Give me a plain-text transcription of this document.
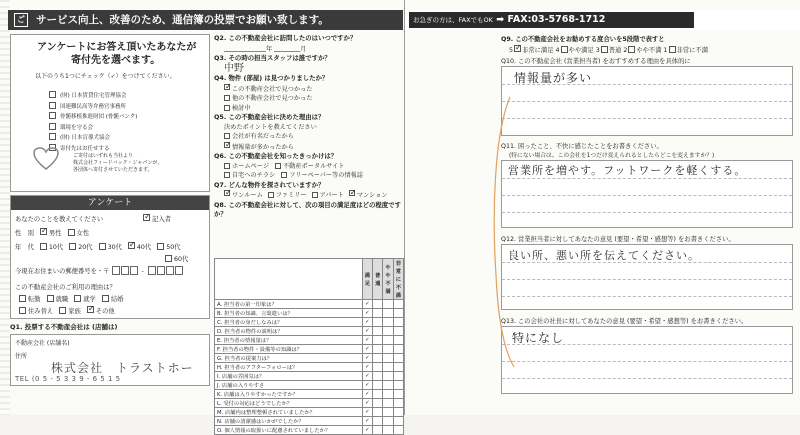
ご サービス向上、改善のため、通信簿の投票でお願い致します。
アンケートにお答え頂いたあなたが
寄付先を選べます。
以下のうち1つにチェック（✓）をつけてください。
(財) 日本賃貸住宅管理協会
国連難民高等弁務官事務所
骨髄移植推進財団 (骨髄バンク)
環境を守る会
(財) 日本盲導犬協会
寄付先はお任せする
ご寄付はいずれも当社より
株式会社フィードバック・ジャパンが、
各団体へ寄付させていただきます。
アンケート
あなたのことを教えてください ✓	記入者
性　別 ✓ 男性 女性
年　代 10代 20代 30代 ✓ 40代 50代
60代
今現在お住まいの郵便番号を・〒	-
この不動産会社のご利用の理由は？
転勤 就職 就学 結婚
住み替え 家族 ✓ その他
Q1. 投票する不動産会社は (店舗は)
不動産会社 (店舗名)
住所
株式会社　トラストホー
TEL (0 5 - 5 3 3 9 - 6 5 1 5
Q2. この不動産会社に訪問したのはいつですか？
年	月
Q3. その時の担当スタッフは誰ですか？
中野
Q4. 物件 (部屋) は見つかりましたか？
✓この不動産会社で見つかった
他の不動産会社で見つかった
検討中
Q5. この不動産会社に決めた理由は？
決めたポイントを教えてください
会社が有名だったから
✓情報量が多かったから
Q6. この不動産会社を知ったきっかけは？
ホームページ 不動産ポータルサイト
自宅へのチラシ フリーペーパー等の情報誌
Q7. どんな物件を探されていますか？
✓ワンルーム ファミリー アパート ✓ マンション
Q8. この不動産会社に対して、次の項目の満足度はどの程度ですか？
	満足	普通	やや不満	非常に不満
A. 担当者の第一印象は？	✓			
B. 担当者の知識、言葉遣いは？	✓			
C. 担当者の身だしなみは？	✓			
D. 担当者の物件の説明は？	✓			
E. 担当者の情報量は？	✓			
F. 担当者の物件・設備等の知識は？	✓			
G. 担当者の提案力は？	✓			
H. 担当者のアフターフォローは？	✓			
I. 店舗の雰囲気は？	✓			
J. 店舗の入りやすさ	✓			
K. 店舗は入りやすかったですか？	✓			
L. 受付の対応はどうでしたか？	✓			
M. 店舗内は整理整頓されていましたか？	✓			
N. 店舗の清潔感はいかがでしたか？	✓			
O. 個人情報の取扱いに配慮されていましたか？	✓			
お急ぎの方は、FAXでもOK ➡ FAX:03-5768-1712
Q9. この不動産会社をお勧めする度合いを5段階で表すと
5 ✓ 非常に満足 4 やや満足 3 普通 2 やや不満 1 非常に不満
Q10. この不動産会社 (営業担当者) をおすすめする理由を具体的に
情報量が多い
Q11. 困ったこと、不快に感じたことをお書きください。
(特にない場合は、この会社を1つだけ変えられるとしたらどこを変えますか？)
営業所を増やす。フットワークを軽くする。
Q12. 営業担当者に対してあなたの意見 (要望・希望・感想等) をお書きください。
良い所、悪い所を伝えてください。
Q13. この会社の社長に対してあなたの意見 (要望・希望・感想等) をお書きください。
特になし
